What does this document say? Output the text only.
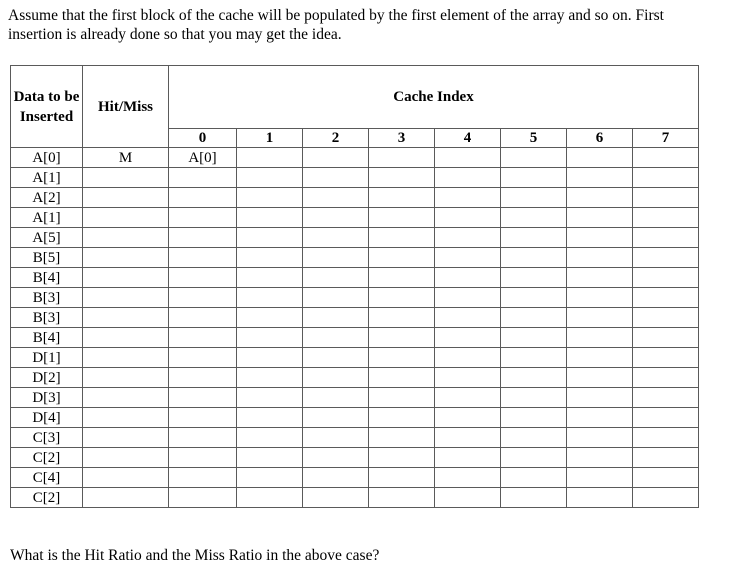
Assume that the first block of the cache will be populated by the first element of the array and so on. First insertion is already done so that you may get the idea.
Data to be Inserted	Hit/Miss	Cache Index							
		0	1	2	3	4	5	6	7
A[0]	M	A[0]							
A[1]									
A[2]									
A[1]									
A[5]									
B[5]									
B[4]									
B[3]									
B[3]									
B[4]									
D[1]									
D[2]									
D[3]									
D[4]									
C[3]									
C[2]									
C[4]									
C[2]									
What is the Hit Ratio and the Miss Ratio in the above case?
